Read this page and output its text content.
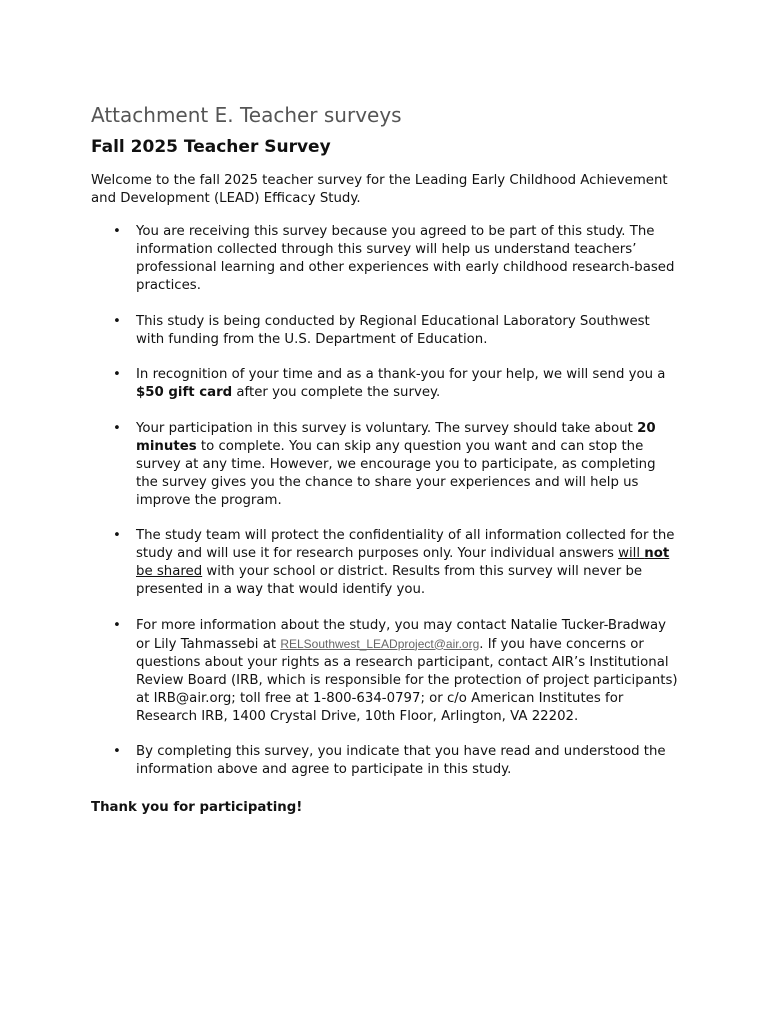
Attachment E. Teacher surveys
Fall 2025 Teacher Survey

Welcome to the fall 2025 teacher survey for the Leading Early Childhood Achievement and Development (LEAD) Efficacy Study.

• You are receiving this survey because you agreed to be part of this study. The information collected through this survey will help us understand teachers’ professional learning and other experiences with early childhood research-based practices.
• This study is being conducted by Regional Educational Laboratory Southwest with funding from the U.S. Department of Education.
• In recognition of your time and as a thank-you for your help, we will send you a $50 gift card after you complete the survey.
• Your participation in this survey is voluntary. The survey should take about 20 minutes to complete. You can skip any question you want and can stop the survey at any time. However, we encourage you to participate, as completing the survey gives you the chance to share your experiences and will help us improve the program.
• The study team will protect the confidentiality of all information collected for the study and will use it for research purposes only. Your individual answers will not be shared with your school or district. Results from this survey will never be presented in a way that would identify you.
• For more information about the study, you may contact Natalie Tucker-Bradway or Lily Tahmassebi at RELSouthwest_LEADproject@air.org. If you have concerns or questions about your rights as a research participant, contact AIR’s Institutional Review Board (IRB, which is responsible for the protection of project participants) at IRB@air.org; toll free at 1-800-634-0797; or c/o American Institutes for Research IRB, 1400 Crystal Drive, 10th Floor, Arlington, VA 22202.
• By completing this survey, you indicate that you have read and understood the information above and agree to participate in this study.

Thank you for participating!
